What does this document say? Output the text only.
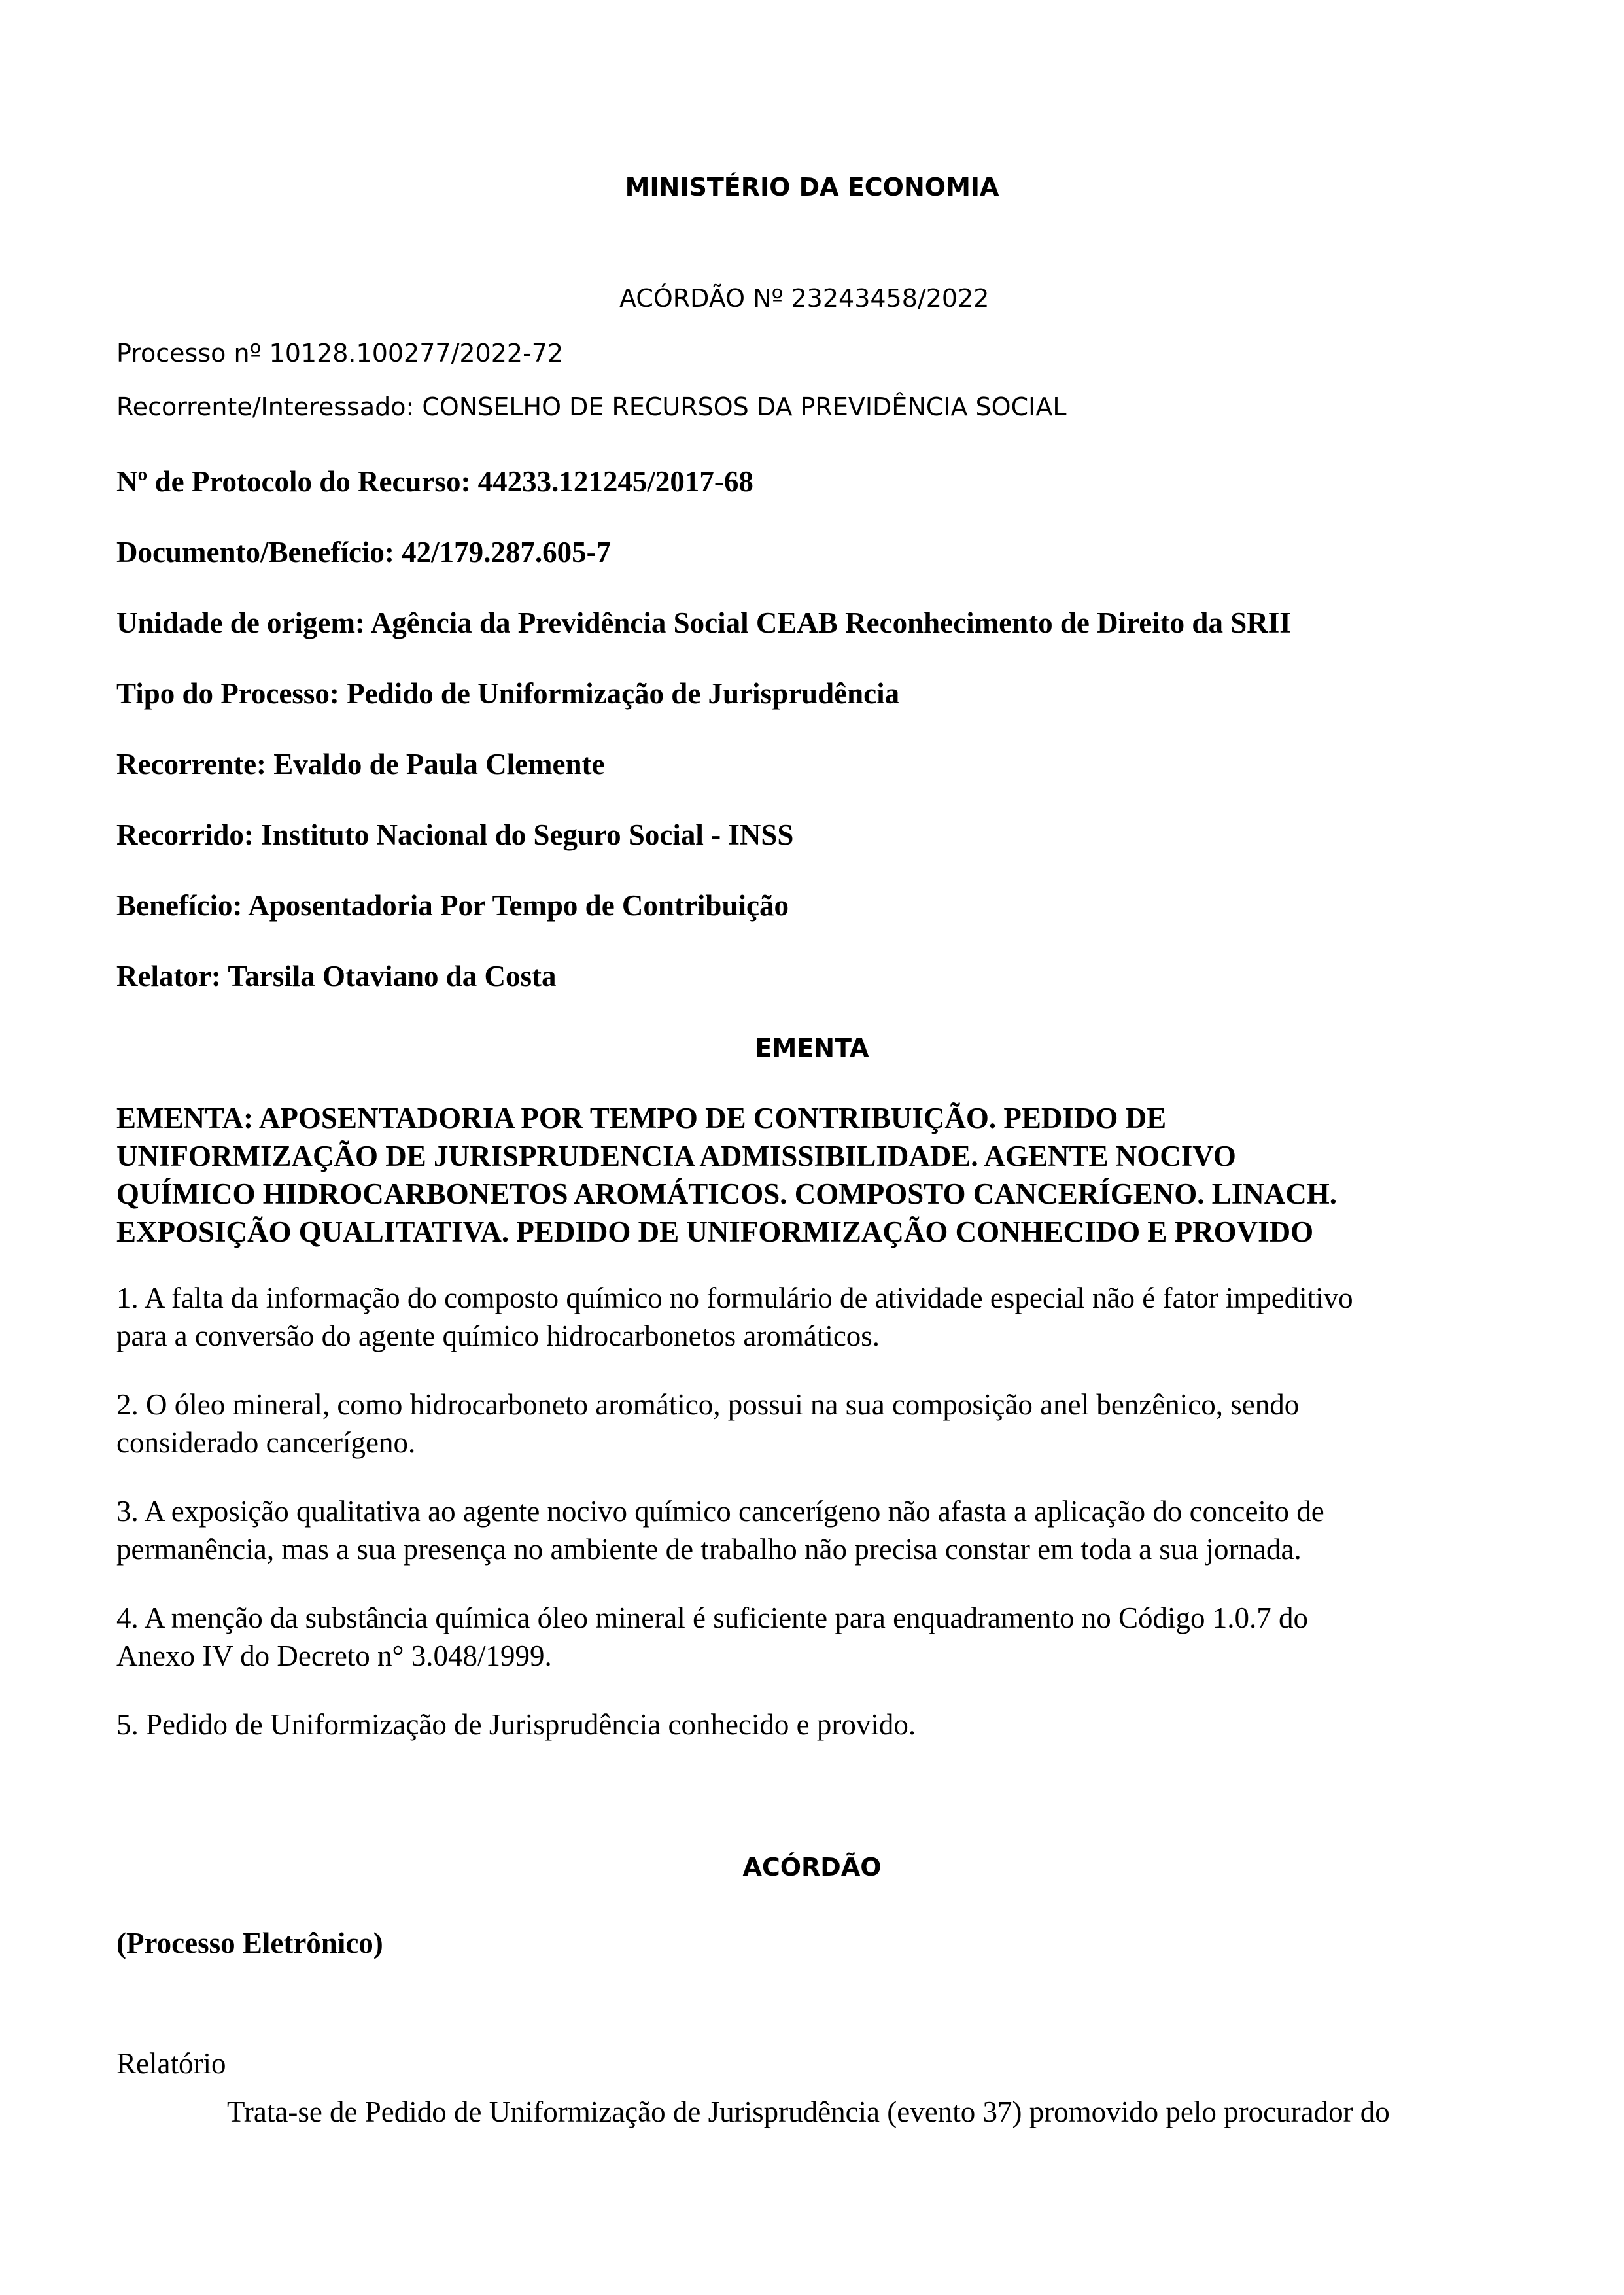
MINISTÉRIO DA ECONOMIA
ACÓRDÃO Nº 23243458/2022
Processo nº 10128.100277/2022-72
Recorrente/Interessado: CONSELHO DE RECURSOS DA PREVIDÊNCIA SOCIAL
Nº de Protocolo do Recurso: 44233.121245/2017-68
Documento/Benefício: 42/179.287.605-7
Unidade de origem: Agência da Previdência Social CEAB Reconhecimento de Direito da SRII
Tipo do Processo: Pedido de Uniformização de Jurisprudência
Recorrente: Evaldo de Paula Clemente
Recorrido: Instituto Nacional do Seguro Social - INSS
Benefício: Aposentadoria Por Tempo de Contribuição
Relator: Tarsila Otaviano da Costa
EMENTA
EMENTA: APOSENTADORIA POR TEMPO DE CONTRIBUIÇÃO. PEDIDO DE
UNIFORMIZAÇÃO DE JURISPRUDENCIA ADMISSIBILIDADE. AGENTE NOCIVO
QUÍMICO HIDROCARBONETOS AROMÁTICOS. COMPOSTO CANCERÍGENO. LINACH.
EXPOSIÇÃO QUALITATIVA. PEDIDO DE UNIFORMIZAÇÃO CONHECIDO E PROVIDO
1. A falta da informação do composto químico no formulário de atividade especial não é fator impeditivo
para a conversão do agente químico hidrocarbonetos aromáticos.
2. O óleo mineral, como hidrocarboneto aromático, possui na sua composição anel benzênico, sendo
considerado cancerígeno.
3. A exposição qualitativa ao agente nocivo químico cancerígeno não afasta a aplicação do conceito de
permanência, mas a sua presença no ambiente de trabalho não precisa constar em toda a sua jornada.
4. A menção da substância química óleo mineral é suficiente para enquadramento no Código 1.0.7 do
Anexo IV do Decreto n° 3.048/1999.
5. Pedido de Uniformização de Jurisprudência conhecido e provido.
ACÓRDÃO
(Processo Eletrônico)
Relatório
Trata-se de Pedido de Uniformização de Jurisprudência (evento 37) promovido pelo procurador do
